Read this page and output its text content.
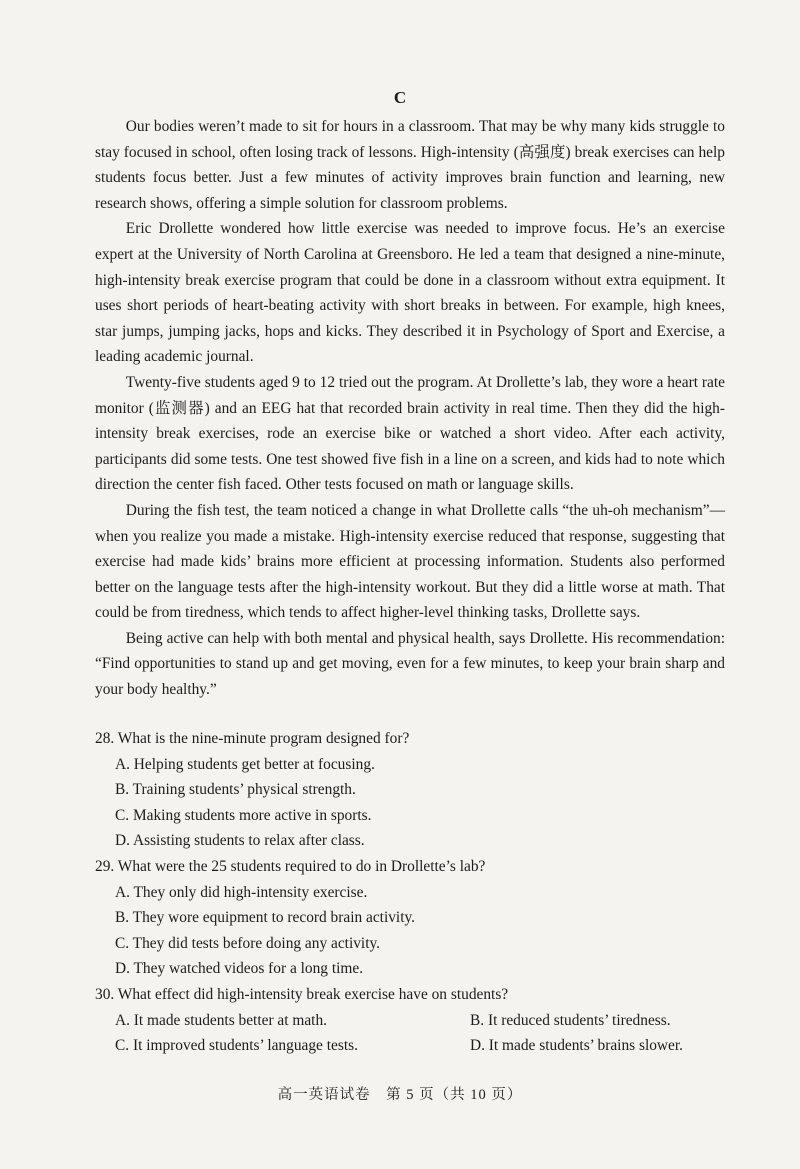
C

Our bodies weren’t made to sit for hours in a classroom. That may be why many kids struggle to stay focused in school, often losing track of lessons. High-intensity (高强度) break exercises can help students focus better. Just a few minutes of activity improves brain function and learning, new research shows, offering a simple solution for classroom problems.

Eric Drollette wondered how little exercise was needed to improve focus. He’s an exercise expert at the University of North Carolina at Greensboro. He led a team that designed a nine-minute, high-intensity break exercise program that could be done in a classroom without extra equipment. It uses short periods of heart-beating activity with short breaks in between. For example, high knees, star jumps, jumping jacks, hops and kicks. They described it in Psychology of Sport and Exercise, a leading academic journal.

Twenty-five students aged 9 to 12 tried out the program. At Drollette’s lab, they wore a heart rate monitor (监测器) and an EEG hat that recorded brain activity in real time. Then they did the high-intensity break exercises, rode an exercise bike or watched a short video. After each activity, participants did some tests. One test showed five fish in a line on a screen, and kids had to note which direction the center fish faced. Other tests focused on math or language skills.

During the fish test, the team noticed a change in what Drollette calls “the uh-oh mechanism”—when you realize you made a mistake. High-intensity exercise reduced that response, suggesting that exercise had made kids’ brains more efficient at processing information. Students also performed better on the language tests after the high-intensity workout. But they did a little worse at math. That could be from tiredness, which tends to affect higher-level thinking tasks, Drollette says.

Being active can help with both mental and physical health, says Drollette. His recommendation: “Find opportunities to stand up and get moving, even for a few minutes, to keep your brain sharp and your body healthy.”

28. What is the nine-minute program designed for?

A. Helping students get better at focusing.

B. Training students’ physical strength.

C. Making students more active in sports.

D. Assisting students to relax after class.

29. What were the 25 students required to do in Drollette’s lab?

A. They only did high-intensity exercise.

B. They wore equipment to record brain activity.

C. They did tests before doing any activity.

D. They watched videos for a long time.

30. What effect did high-intensity break exercise have on students?

A. It made students better at math.	B. It reduced students’ tiredness.
C. It improved students’ language tests.	D. It made students’ brains slower.
高一英语试卷　第 5 页（共 10 页）
